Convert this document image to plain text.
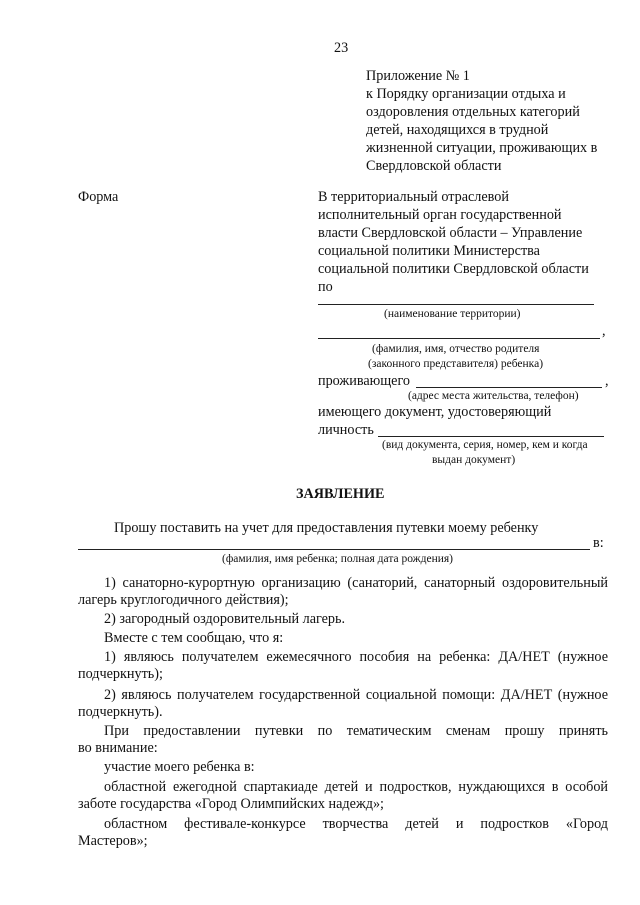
23
Приложение № 1
к Порядку организации отдыха и
оздоровления отдельных категорий
детей, находящихся в трудной
жизненной ситуации, проживающих в
Свердловской области
Форма	В территориальный отраслевой
исполнительный орган государственной
власти Свердловской области – Управление
социальной политики Министерства
социальной политики Свердловской области
по
(наименование территории)
,
(фамилия, имя, отчество родителя
(законного представителя) ребенка)
проживающего	,
(адрес места жительства, телефон)
имеющего документ, удостоверяющий
личность
(вид документа, серия, номер, кем и когда
выдан документ)
ЗАЯВЛЕНИЕ
Прошу поставить на учет для предоставления путевки моему ребенку
в:
(фамилия, имя ребенка; полная дата рождения)
1) санаторно-курортную организацию (санаторий, санаторный оздоровительный
лагерь круглогодичного действия);
2) загородный оздоровительный лагерь.
Вместе с тем сообщаю, что я:
1) являюсь получателем ежемесячного пособия на ребенка: ДА/НЕТ (нужное
подчеркнуть);
2) являюсь получателем государственной социальной помощи: ДА/НЕТ (нужное
подчеркнуть).
При предоставлении путевки по тематическим сменам прошу принять
во внимание:
участие моего ребенка в:
областной ежегодной спартакиаде детей и подростков, нуждающихся в особой
заботе государства «Город Олимпийских надежд»;
областном фестивале-конкурсе творчества детей и подростков «Город
Мастеров»;
